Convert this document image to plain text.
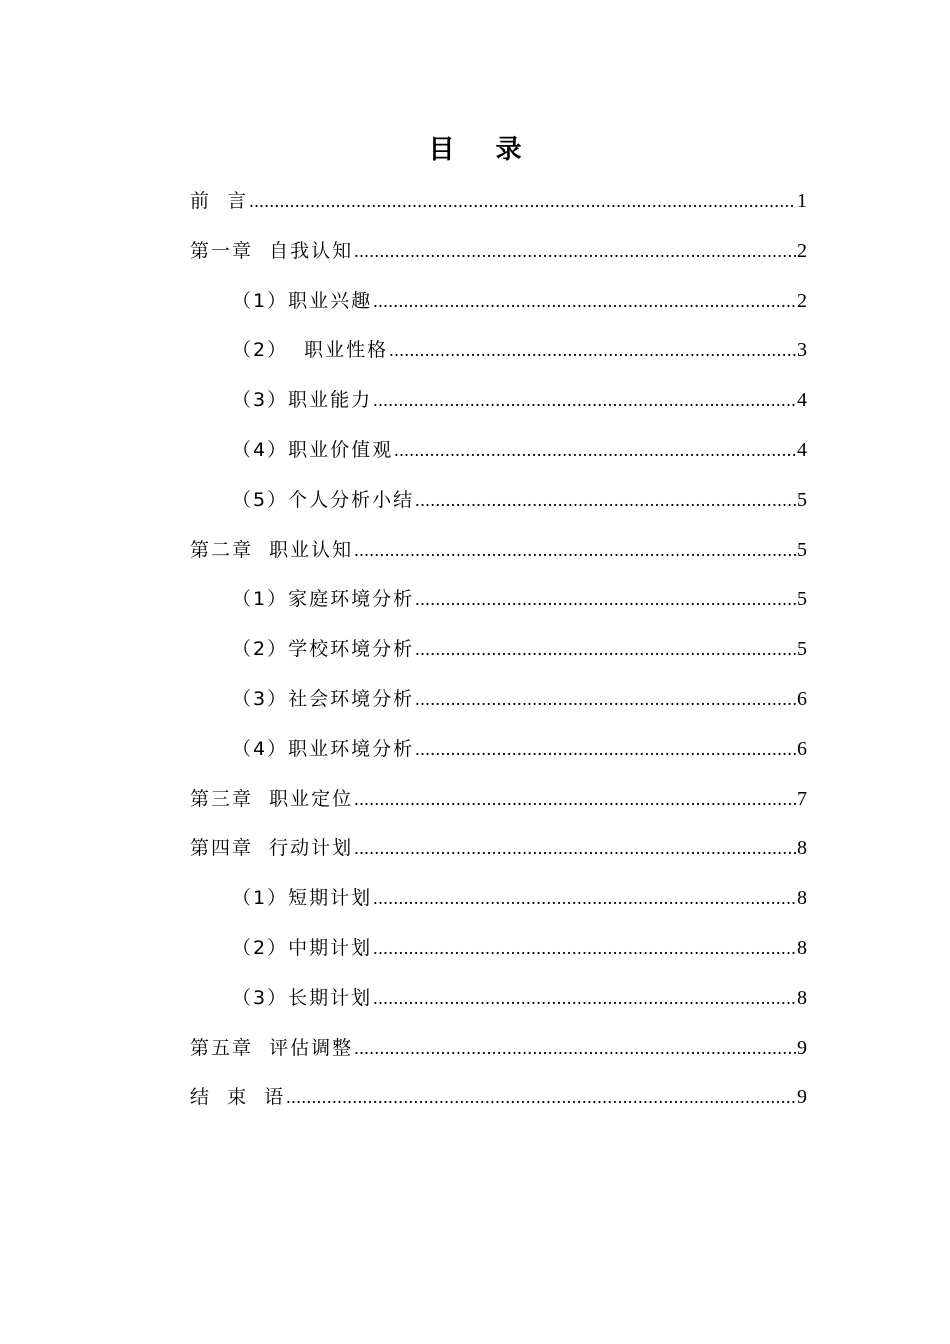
目 录
前  言 .....	1
第一章  自我认知 .....	2
（1）职业兴趣 .....	2
（2）  职业性格 .....	3
（3）职业能力 .....	4
（4）职业价值观 .....	4
（5）个人分析小结 .....	5
第二章  职业认知 .....	5
（1）家庭环境分析 .....	5
（2）学校环境分析 .....	5
（3）社会环境分析 .....	6
（4）职业环境分析 .....	6
第三章  职业定位 .....	7
第四章  行动计划 .....	8
（1）短期计划 .....	8
（2）中期计划 .....	8
（3）长期计划 .....	8
第五章  评估调整 .....	9
结  束  语 .....	9
